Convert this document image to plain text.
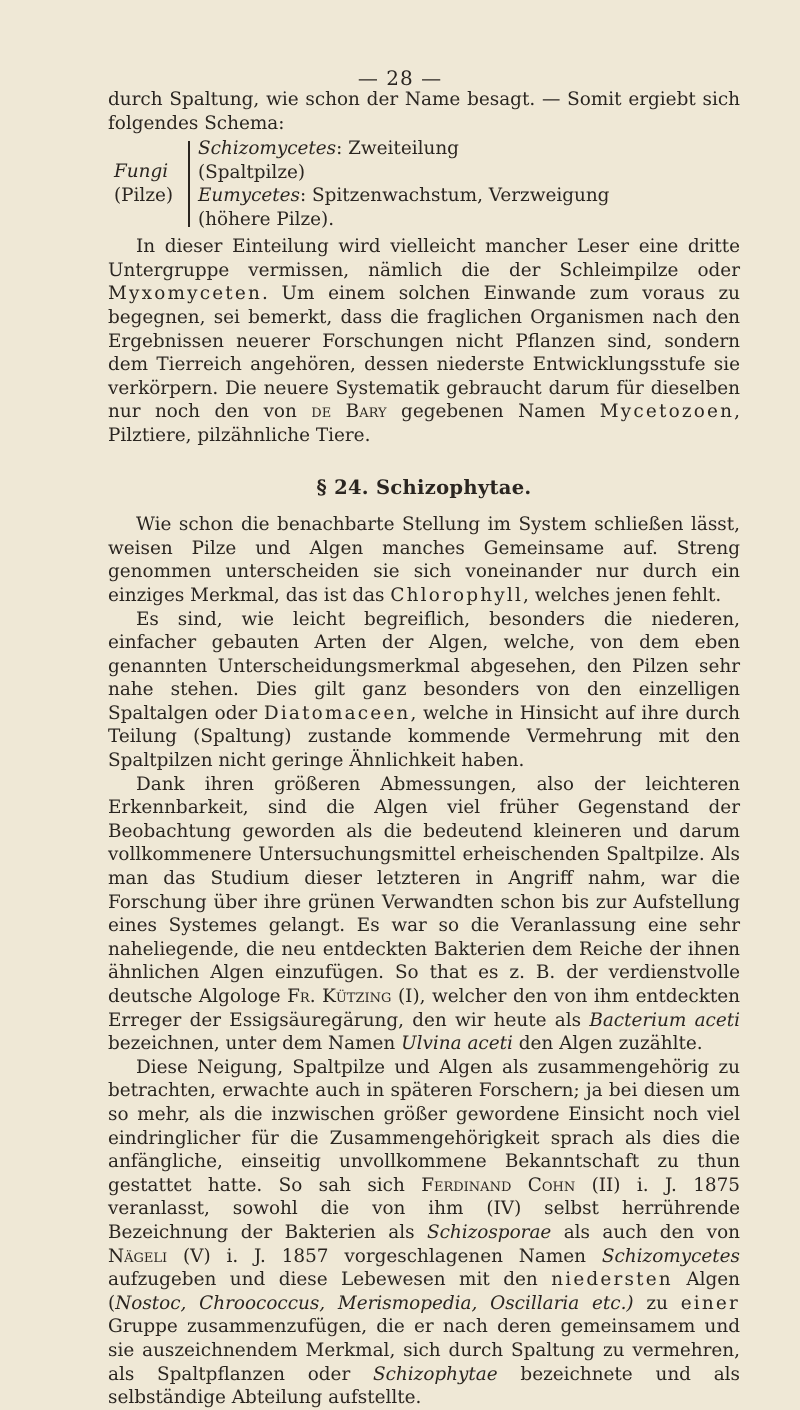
— 28 —

durch Spaltung, wie schon der Name besagt. — Somit ergiebt sich folgendes Schema:

Fungi
(Pilze)
Schizomycetes: Zweiteilung
(Spaltpilze)
Eumycetes: Spitzenwachstum, Verzweigung
(höhere Pilze).

In dieser Einteilung wird vielleicht mancher Leser eine dritte Untergruppe vermissen, nämlich die der Schleimpilze oder Myxomyceten. Um einem solchen Einwande zum voraus zu begegnen, sei bemerkt, dass die fraglichen Organismen nach den Ergebnissen neuerer Forschungen nicht Pflanzen sind, sondern dem Tierreich angehören, dessen niederste Entwicklungsstufe sie verkörpern. Die neuere Systematik gebraucht darum für dieselben nur noch den von de Bary gegebenen Namen Mycetozoen, Pilztiere, pilzähnliche Tiere.

§ 24. Schizophytae.

Wie schon die benachbarte Stellung im System schließen lässt, weisen Pilze und Algen manches Gemeinsame auf. Streng genommen unterscheiden sie sich voneinander nur durch ein einziges Merkmal, das ist das Chlorophyll, welches jenen fehlt.

Es sind, wie leicht begreiflich, besonders die niederen, einfacher gebauten Arten der Algen, welche, von dem eben genannten Unterscheidungsmerkmal abgesehen, den Pilzen sehr nahe stehen. Dies gilt ganz besonders von den einzelligen Spaltalgen oder Diatomaceen, welche in Hinsicht auf ihre durch Teilung (Spaltung) zustande kommende Vermehrung mit den Spaltpilzen nicht geringe Ähnlichkeit haben.

Dank ihren größeren Abmessungen, also der leichteren Erkennbarkeit, sind die Algen viel früher Gegenstand der Beobachtung geworden als die bedeutend kleineren und darum vollkommenere Untersuchungsmittel erheischenden Spaltpilze. Als man das Studium dieser letzteren in Angriff nahm, war die Forschung über ihre grünen Verwandten schon bis zur Aufstellung eines Systemes gelangt. Es war so die Veranlassung eine sehr naheliegende, die neu entdeckten Bakterien dem Reiche der ihnen ähnlichen Algen einzufügen. So that es z. B. der verdienstvolle deutsche Algologe Fr. Kützing (I), welcher den von ihm entdeckten Erreger der Essigsäuregärung, den wir heute als Bacterium aceti bezeichnen, unter dem Namen Ulvina aceti den Algen zuzählte.

Diese Neigung, Spaltpilze und Algen als zusammengehörig zu betrachten, erwachte auch in späteren Forschern; ja bei diesen um so mehr, als die inzwischen größer gewordene Einsicht noch viel eindringlicher für die Zusammengehörigkeit sprach als dies die anfängliche, einseitig unvollkommene Bekanntschaft zu thun gestattet hatte. So sah sich Ferdinand Cohn (II) i. J. 1875 veranlasst, sowohl die von ihm (IV) selbst herrührende Bezeichnung der Bakterien als Schizosporae als auch den von Nägeli (V) i. J. 1857 vorgeschlagenen Namen Schizomycetes aufzugeben und diese Lebewesen mit den niedersten Algen (Nostoc, Chroococcus, Merismopedia, Oscillaria etc.) zu einer Gruppe zusammenzufügen, die er nach deren gemeinsamem und sie auszeichnendem Merkmal, sich durch Spaltung zu vermehren, als Spaltpflanzen oder Schizophytae bezeichnete und als selbständige Abteilung aufstellte.
